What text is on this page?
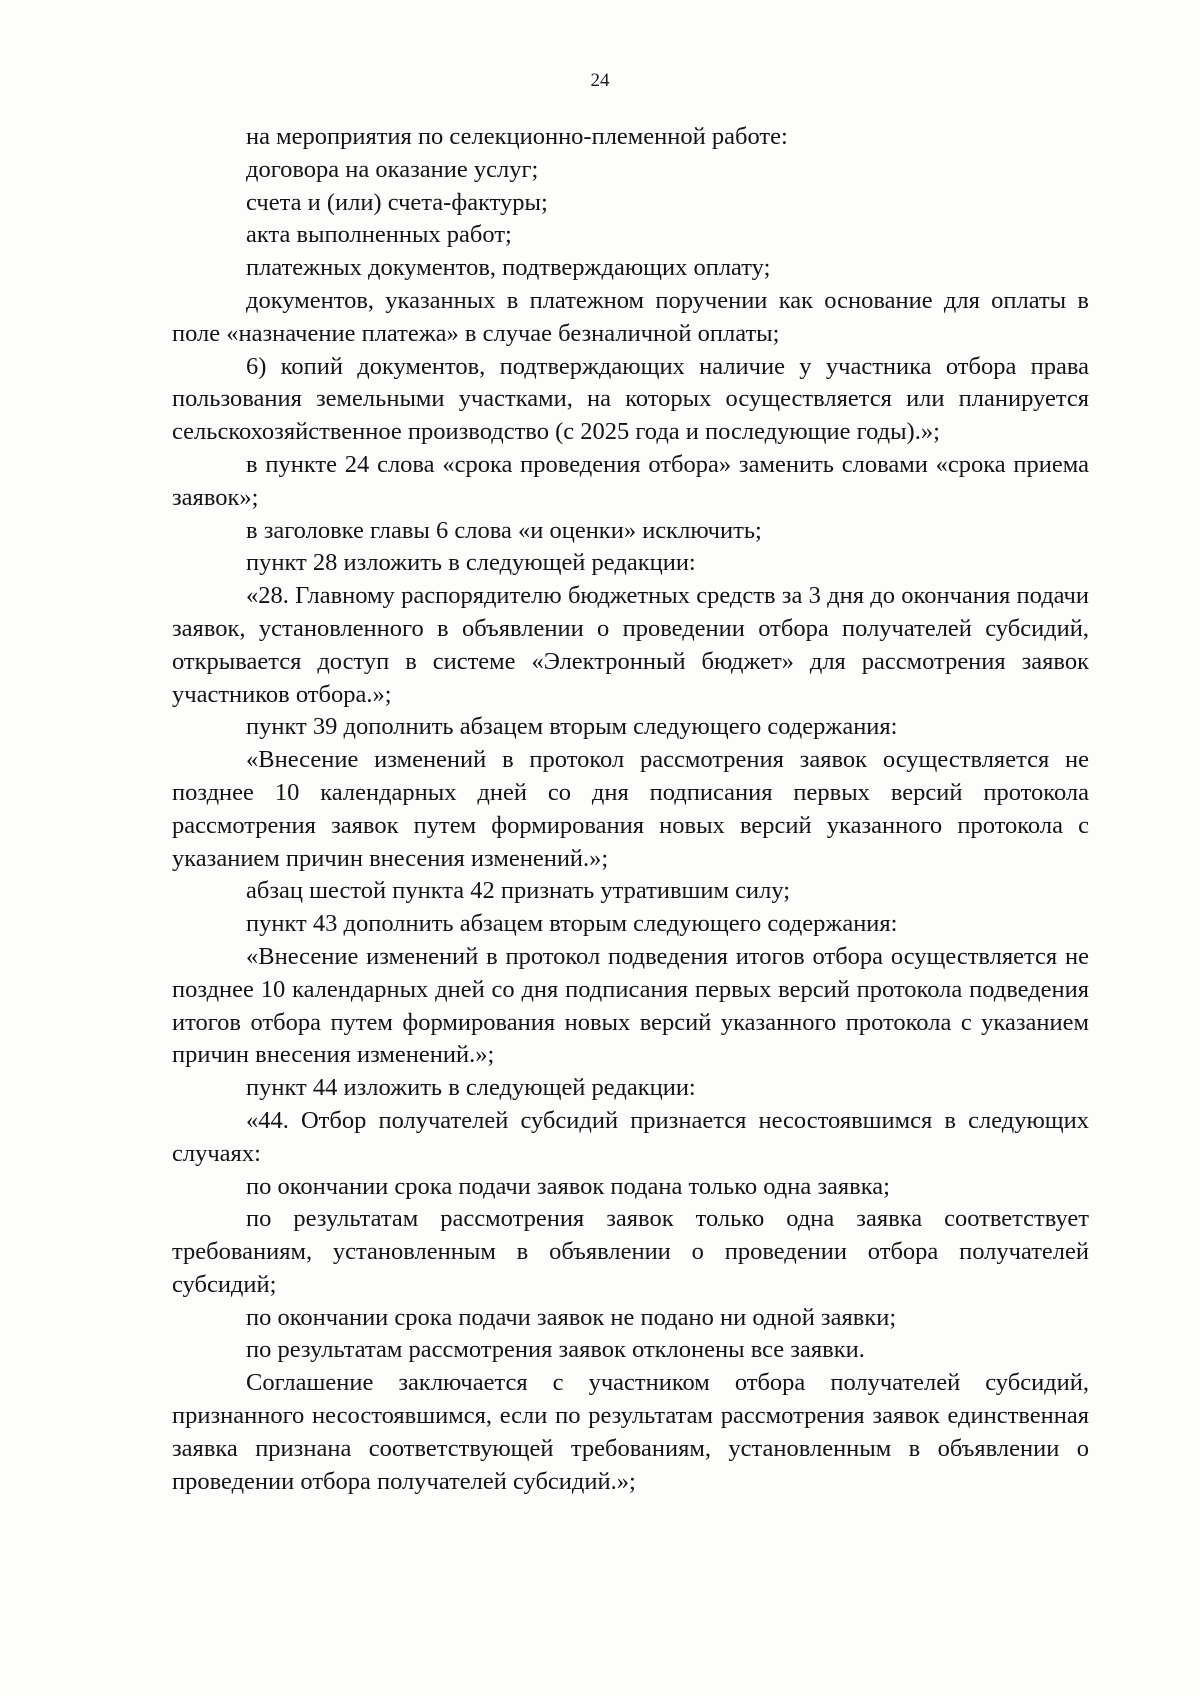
24

на мероприятия по селекционно-племенной работе:

договора на оказание услуг;

счета и (или) счета-фактуры;

акта выполненных работ;

платежных документов, подтверждающих оплату;

документов, указанных в платежном поручении как основание для оплаты в поле «назначение платежа» в случае безналичной оплаты;

6) копий документов, подтверждающих наличие у участника отбора права пользования земельными участками, на которых осуществляется или планируется сельскохозяйственное производство (с 2025 года и последующие годы).»;

в пункте 24 слова «срока проведения отбора» заменить словами «срока приема заявок»;

в заголовке главы 6 слова «и оценки» исключить;

пункт 28 изложить в следующей редакции:

«28. Главному распорядителю бюджетных средств за 3 дня до окончания подачи заявок, установленного в объявлении о проведении отбора получателей субсидий, открывается доступ в системе «Электронный бюджет» для рассмотрения заявок участников отбора.»;

пункт 39 дополнить абзацем вторым следующего содержания:

«Внесение изменений в протокол рассмотрения заявок осуществляется не позднее 10 календарных дней со дня подписания первых версий протокола рассмотрения заявок путем формирования новых версий указанного протокола с указанием причин внесения изменений.»;

абзац шестой пункта 42 признать утратившим силу;

пункт 43 дополнить абзацем вторым следующего содержания:

«Внесение изменений в протокол подведения итогов отбора осуществляется не позднее 10 календарных дней со дня подписания первых версий протокола подведения итогов отбора путем формирования новых версий указанного протокола с указанием причин внесения изменений.»;

пункт 44 изложить в следующей редакции:

«44. Отбор получателей субсидий признается несостоявшимся в следующих случаях:

по окончании срока подачи заявок подана только одна заявка;

по результатам рассмотрения заявок только одна заявка соответствует требованиям, установленным в объявлении о проведении отбора получателей субсидий;

по окончании срока подачи заявок не подано ни одной заявки;

по результатам рассмотрения заявок отклонены все заявки.

Соглашение заключается с участником отбора получателей субсидий, признанного несостоявшимся, если по результатам рассмотрения заявок единственная заявка признана соответствующей требованиям, установленным в объявлении о проведении отбора получателей субсидий.»;
